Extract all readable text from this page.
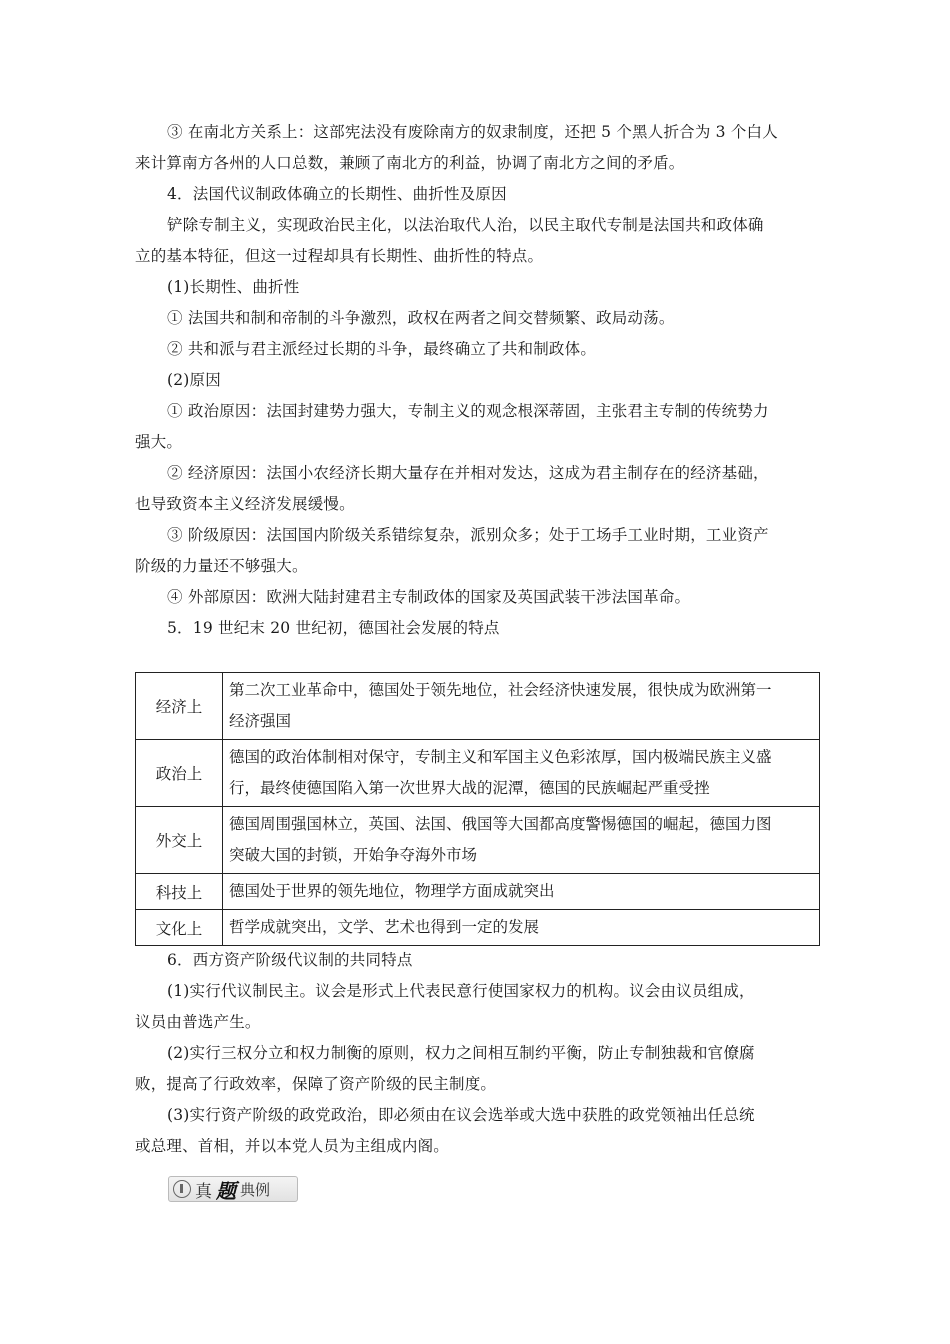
③ 在南北方关系上：这部宪法没有废除南方的奴隶制度，还把 5 个黑人折合为 3 个白人
来计算南方各州的人口总数，兼顾了南北方的利益，协调了南北方之间的矛盾。
4．法国代议制政体确立的长期性、曲折性及原因
铲除专制主义，实现政治民主化，以法治取代人治，以民主取代专制是法国共和政体确
立的基本特征，但这一过程却具有长期性、曲折性的特点。
(1)长期性、曲折性
① 法国共和制和帝制的斗争激烈，政权在两者之间交替频繁、政局动荡。
② 共和派与君主派经过长期的斗争，最终确立了共和制政体。
(2)原因
① 政治原因：法国封建势力强大，专制主义的观念根深蒂固，主张君主专制的传统势力
强大。
② 经济原因：法国小农经济长期大量存在并相对发达，这成为君主制存在的经济基础，
也导致资本主义经济发展缓慢。
③ 阶级原因：法国国内阶级关系错综复杂，派别众多；处于工场手工业时期，工业资产
阶级的力量还不够强大。
④ 外部原因：欧洲大陆封建君主专制政体的国家及英国武装干涉法国革命。
5．19 世纪末 20 世纪初，德国社会发展的特点
经济上	第二次工业革命中，德国处于领先地位，社会经济快速发展，很快成为欧洲第一
经济强国

政治上	德国的政治体制相对保守，专制主义和军国主义色彩浓厚，国内极端民族主义盛
行，最终使德国陷入第一次世界大战的泥潭，德国的民族崛起严重受挫

外交上	德国周围强国林立，英国、法国、俄国等大国都高度警惕德国的崛起，德国力图
突破大国的封锁，开始争夺海外市场

科技上	德国处于世界的领先地位，物理学方面成就突出

文化上	哲学成就突出，文学、艺术也得到一定的发展
6．西方资产阶级代议制的共同特点
(1)实行代议制民主。议会是形式上代表民意行使国家权力的机构。议会由议员组成，
议员由普选产生。
(2)实行三权分立和权力制衡的原则，权力之间相互制约平衡，防止专制独裁和官僚腐
败，提高了行政效率，保障了资产阶级的民主制度。
(3)实行资产阶级的政党政治，即必须由在议会选举或大选中获胜的政党领袖出任总统
或总理、首相，并以本党人员为主组成内阁。
真 题 典例
